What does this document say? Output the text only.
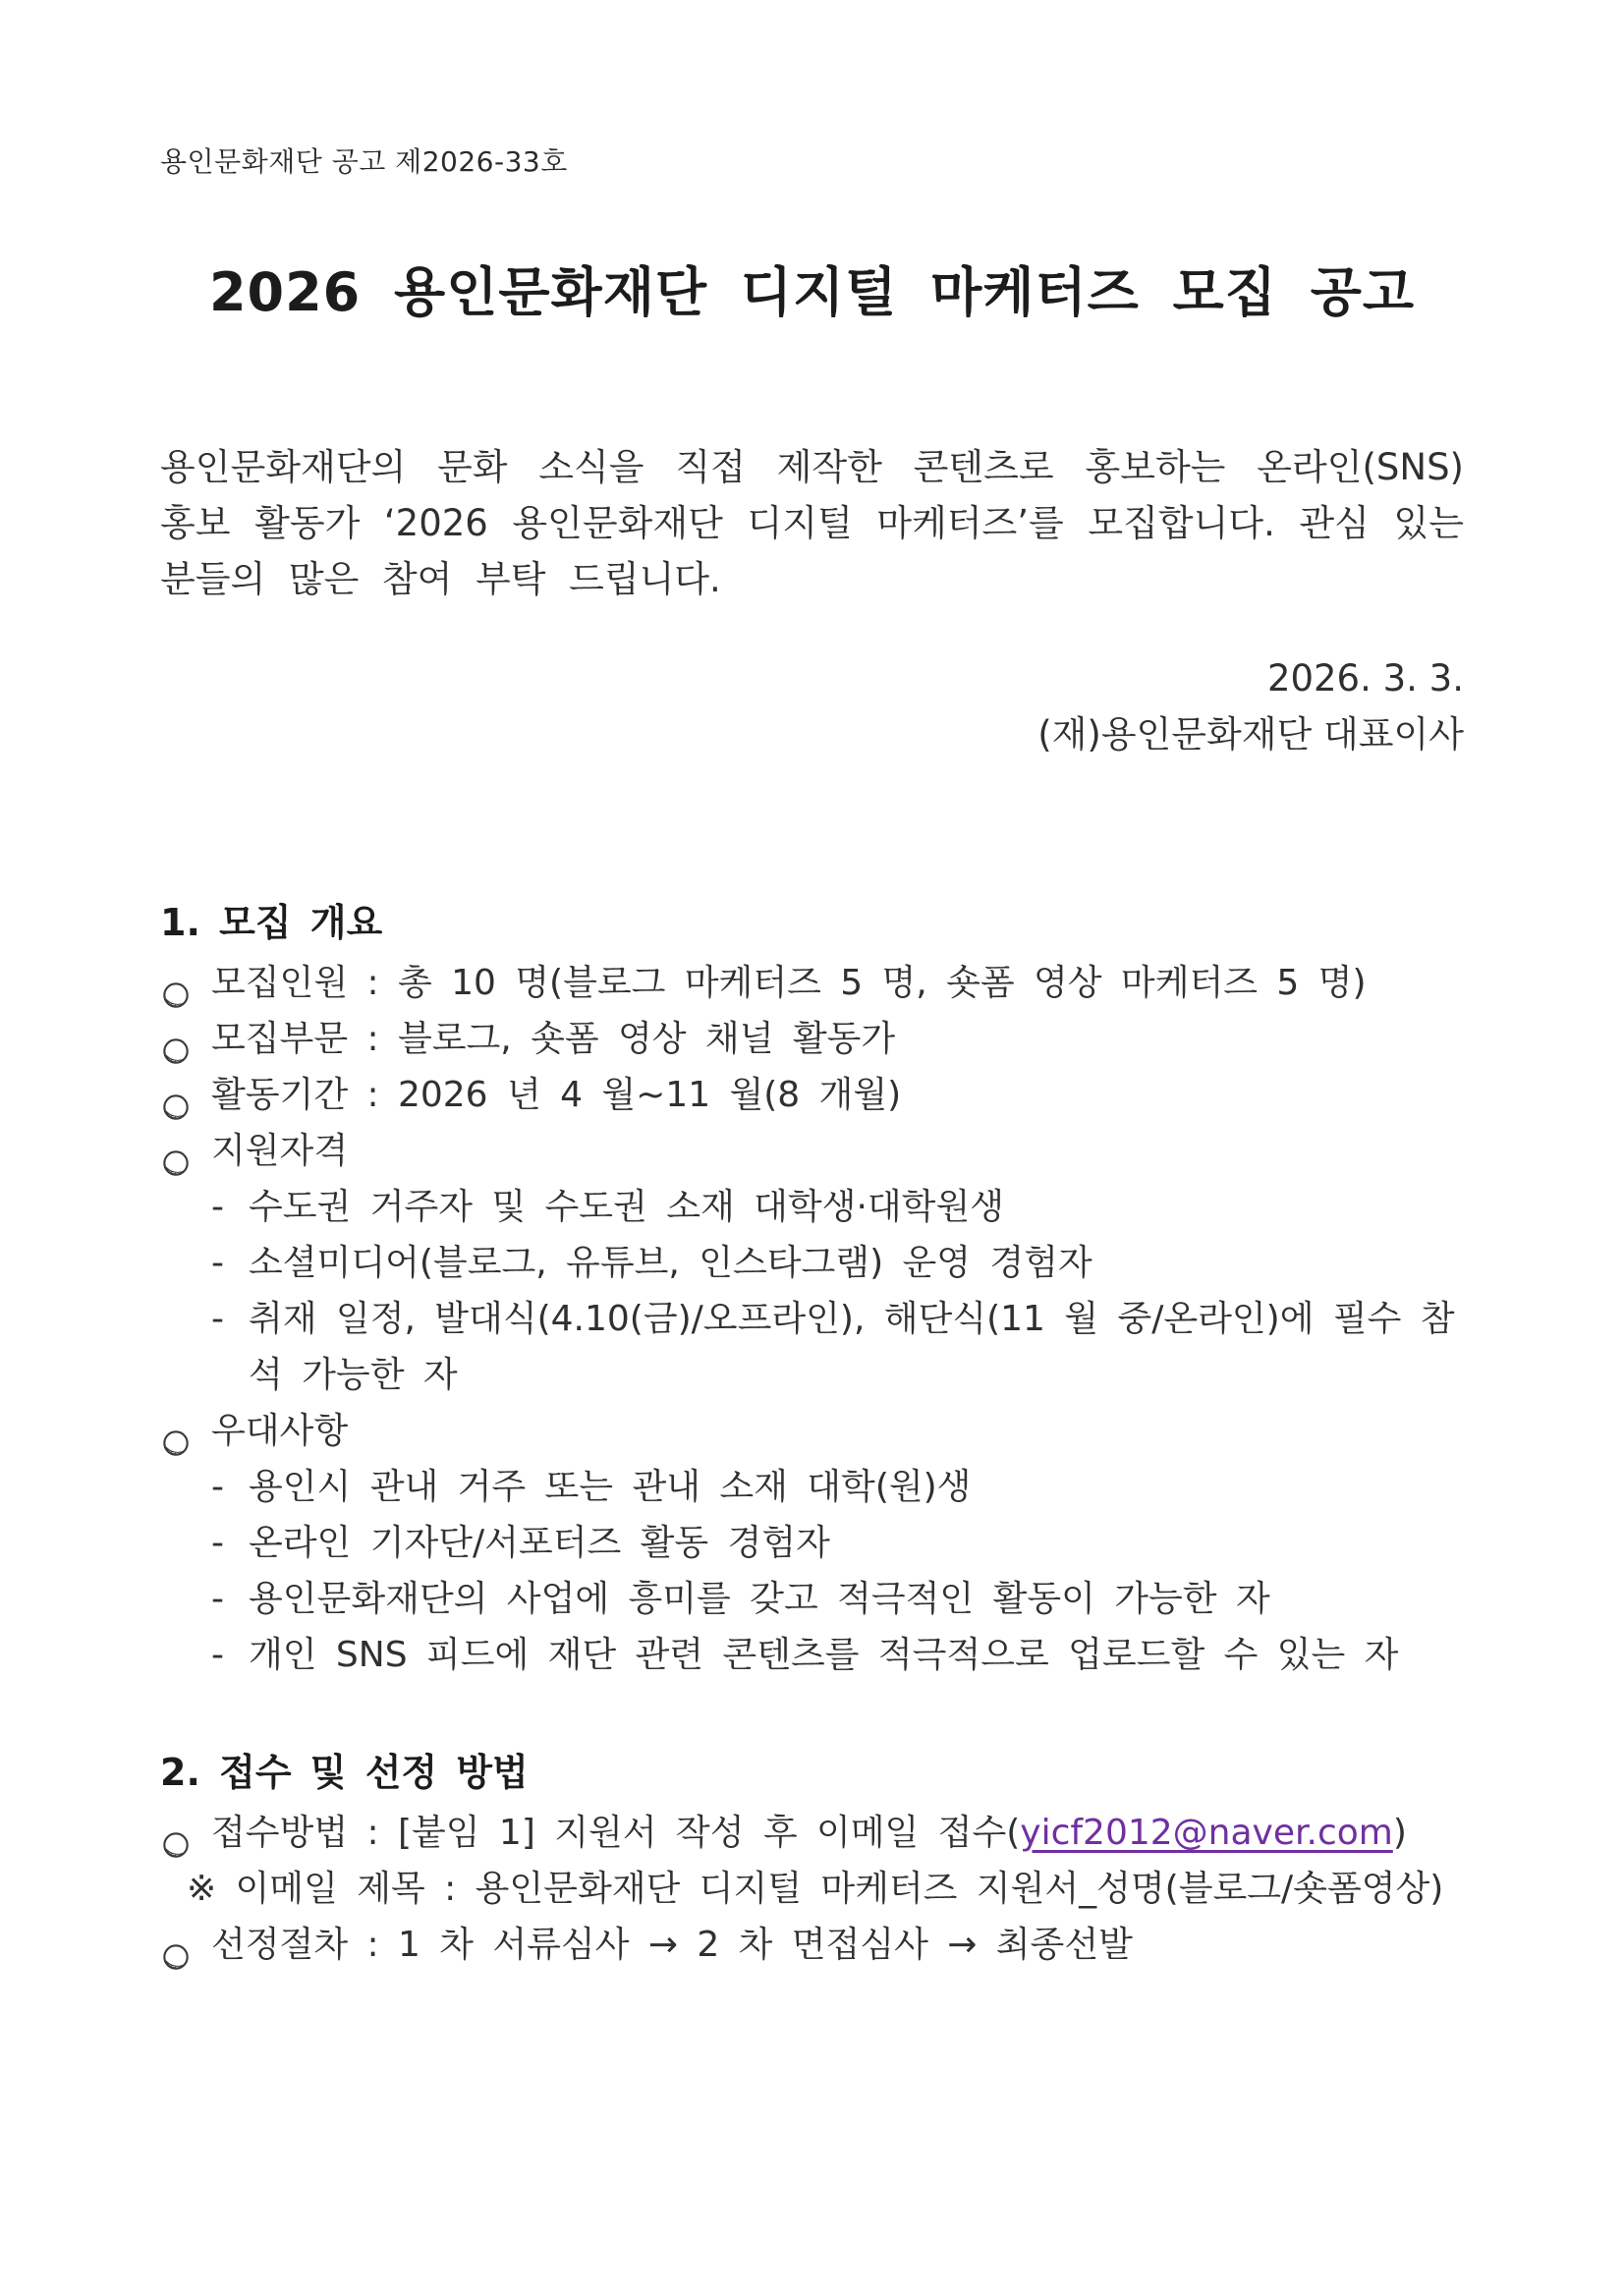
용인문화재단 공고 제2026-33호
2026 용인문화재단 디지털 마케터즈 모집 공고

용인문화재단의 문화 소식을 직접 제작한 콘텐츠로 홍보하는 온라인(SNS) 홍보 활동가 ‘2026 용인문화재단 디지털 마케터즈’를 모집합니다. 관심 있는 분들의 많은 참여 부탁 드립니다.

2026. 3. 3.
(재)용인문화재단 대표이사
1. 모집 개요
모집인원 : 총 10 명(블로그 마케터즈 5 명, 숏폼 영상 마케터즈 5 명)
모집부문 : 블로그, 숏폼 영상 채널 활동가
활동기간 : 2026 년 4 월~11 월(8 개월)
지원자격
- 수도권 거주자 및 수도권 소재 대학생·대학원생
- 소셜미디어(블로그, 유튜브, 인스타그램) 운영 경험자
- 취재 일정, 발대식(4.10(금)/오프라인), 해단식(11 월 중/온라인)에 필수 참석 가능한 자
우대사항
- 용인시 관내 거주 또는 관내 소재 대학(원)생
- 온라인 기자단/서포터즈 활동 경험자
- 용인문화재단의 사업에 흥미를 갖고 적극적인 활동이 가능한 자
- 개인 SNS 피드에 재단 관련 콘텐츠를 적극적으로 업로드할 수 있는 자
2. 접수 및 선정 방법
접수방법 : [붙임 1] 지원서 작성 후 이메일 접수(yicf2012@naver.com)
※ 이메일 제목 : 용인문화재단 디지털 마케터즈 지원서_성명(블로그/숏폼영상)
선정절차 : 1 차 서류심사 → 2 차 면접심사 → 최종선발
